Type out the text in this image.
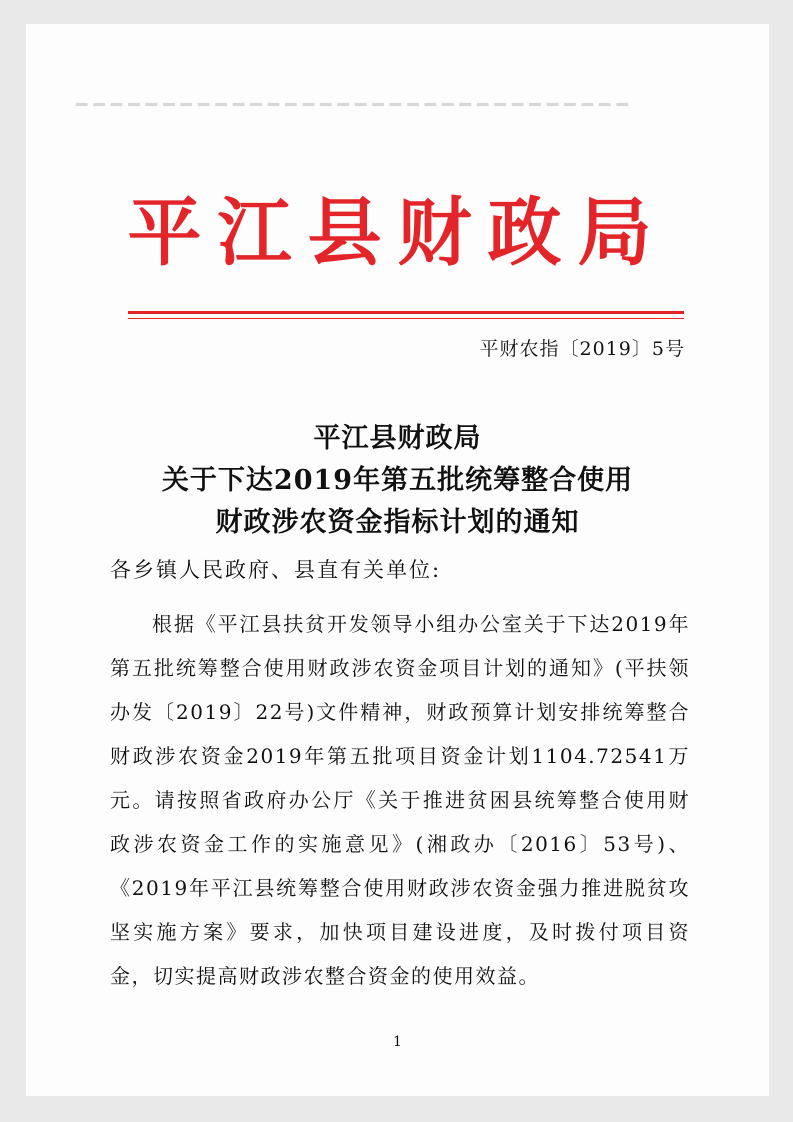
━━━━━━━━━━━━━━━━━━━━━━━━━━━━━━━━
平江县财政局
平财农指〔2019〕5号
平江县财政局
关于下达2019年第五批统筹整合使用
财政涉农资金指标计划的通知
各乡镇人民政府、县直有关单位:
根据《平江县扶贫开发领导小组办公室关于下达2019年第五批统筹整合使用财政涉农资金项目计划的通知》(平扶领办发〔2019〕22号)文件精神，财政预算计划安排统筹整合财政涉农资金2019年第五批项目资金计划1104.72541万元。请按照省政府办公厅《关于推进贫困县统筹整合使用财政涉农资金工作的实施意见》(湘政办〔2016〕53号)、《2019年平江县统筹整合使用财政涉农资金强力推进脱贫攻坚实施方案》要求，加快项目建设进度，及时拨付项目资金，切实提高财政涉农整合资金的使用效益。
1
